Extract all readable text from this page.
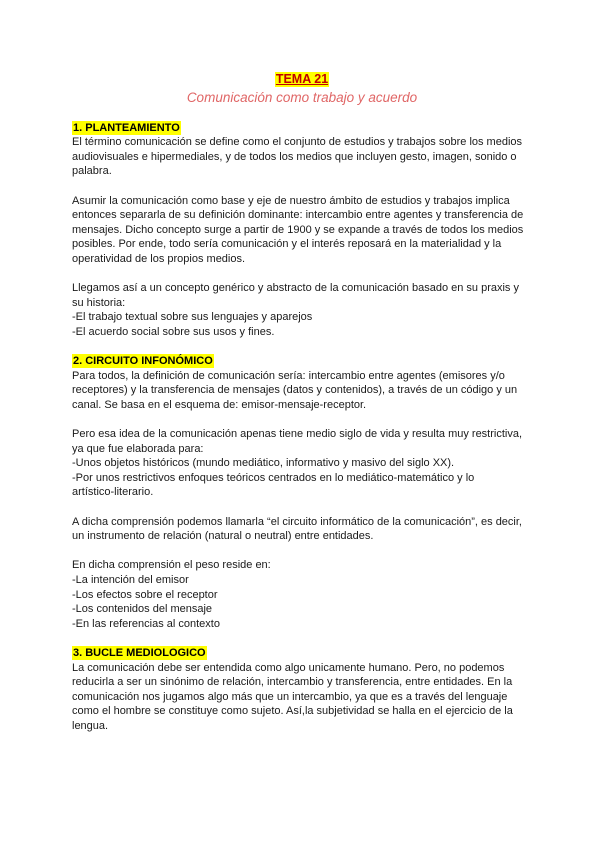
TEMA 21
Comunicación como trabajo y acuerdo
1. PLANTEAMIENTO

El término comunicación se define como el conjunto de estudios y trabajos sobre los medios

audiovisuales e hipermediales, y de todos los medios que incluyen gesto, imagen, sonido o

palabra.

Asumir la comunicación como base y eje de nuestro ámbito de estudios y trabajos implica

entonces separarla de su definición dominante: intercambio entre agentes y transferencia de

mensajes. Dicho concepto surge a partir de 1900 y se expande a través de todos los medios

posibles. Por ende, todo sería comunicación y el interés reposará en la materialidad y la

operatividad de los propios medios.

Llegamos así a un concepto genérico y abstracto de la comunicación basado en su praxis y

su historia:

-El trabajo textual sobre sus lenguajes y aparejos

-El acuerdo social sobre sus usos y fines.

2. CIRCUITO INFONÓMICO

Para todos, la definición de comunicación sería: intercambio entre agentes (emisores y/o

receptores) y la transferencia de mensajes (datos y contenidos), a través de un código y un

canal. Se basa en el esquema de: emisor-mensaje-receptor.

Pero esa idea de la comunicación apenas tiene medio siglo de vida y resulta muy restrictiva,

ya que fue elaborada para:

-Unos objetos históricos (mundo mediático, informativo y masivo del siglo XX).

-Por unos restrictivos enfoques teóricos centrados en lo mediático-matemático y lo

artístico-literario.

A dicha comprensión podemos llamarla “el circuito informático de la comunicación”, es decir,

un instrumento de relación (natural o neutral) entre entidades.

En dicha comprensión el peso reside en:

-La intención del emisor

-Los efectos sobre el receptor

-Los contenidos del mensaje

-En las referencias al contexto

3. BUCLE MEDIOLOGICO

La comunicación debe ser entendida como algo unicamente humano. Pero, no podemos

reducirla a ser un sinónimo de relación, intercambio y transferencia, entre entidades. En la

comunicación nos jugamos algo más que un intercambio, ya que es a través del lenguaje

como el hombre se constituye como sujeto. Así,la subjetividad se halla en el ejercicio de la

lengua.
